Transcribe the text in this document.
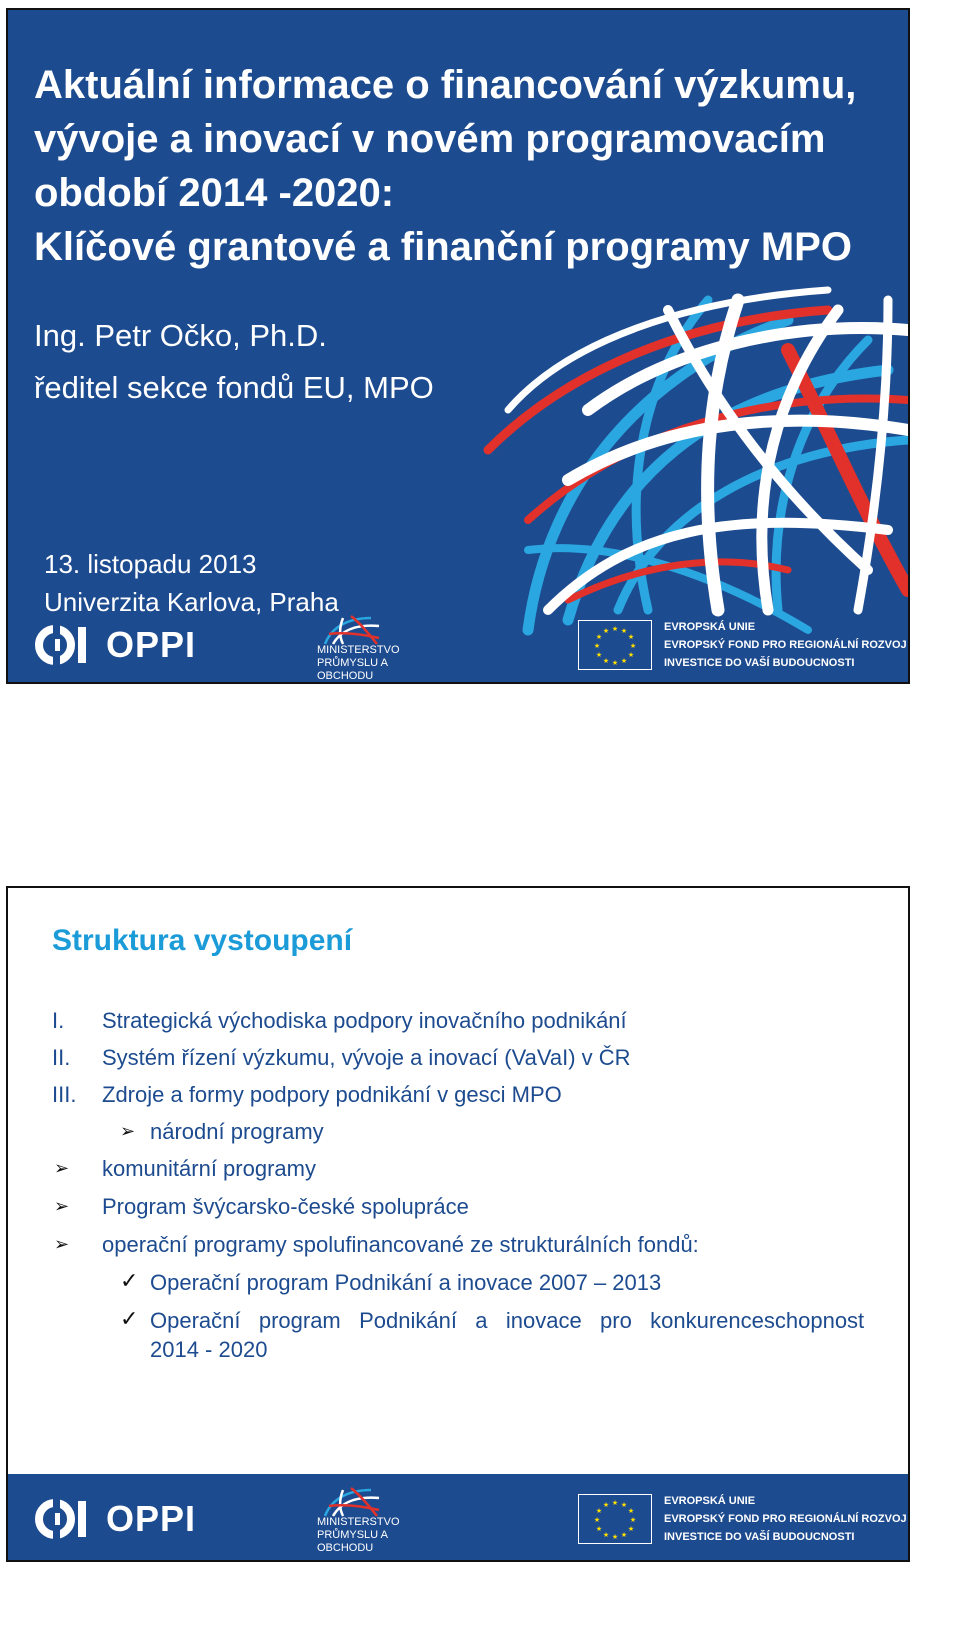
Aktuální informace o financování výzkumu,
vývoje a inovací v novém programovacím
období 2014 -2020:
Klíčové grantové a finanční programy MPO
Ing. Petr Očko, Ph.D.
ředitel sekce fondů EU, MPO
13. listopadu 2013
Univerzita Karlova, Praha
OPPI	MINISTERSTVO
PRŮMYSLU A OBCHODU
★ ★
★
★
★
★
★
★
★
★
★
★	EVROPSKÁ UNIE
EVROPSKÝ FOND PRO REGIONÁLNÍ ROZVOJ
INVESTICE DO VAŠÍ BUDOUCNOSTI
Struktura vystoupení
I.	Strategická východiska podpory inovačního podnikání
II.	Systém řízení výzkumu, vývoje a inovací (VaVaI) v ČR
III.	Zdroje a formy podpory podnikání v gesci MPO
➢ národní programy
➢ komunitární programy
➢ Program švýcarsko-české spolupráce
➢ operační programy spolufinancované ze strukturálních fondů:
✓ Operační program Podnikání a inovace 2007 – 2013
✓ Operační   program   Podnikání   a   inovace   pro   konkurenceschopnost
2014 - 2020
OPPI	MINISTERSTVO
PRŮMYSLU A OBCHODU
★ ★
★
★
★
★
★
★
★
★
★
★	EVROPSKÁ UNIE
EVROPSKÝ FOND PRO REGIONÁLNÍ ROZVOJ
INVESTICE DO VAŠÍ BUDOUCNOSTI
